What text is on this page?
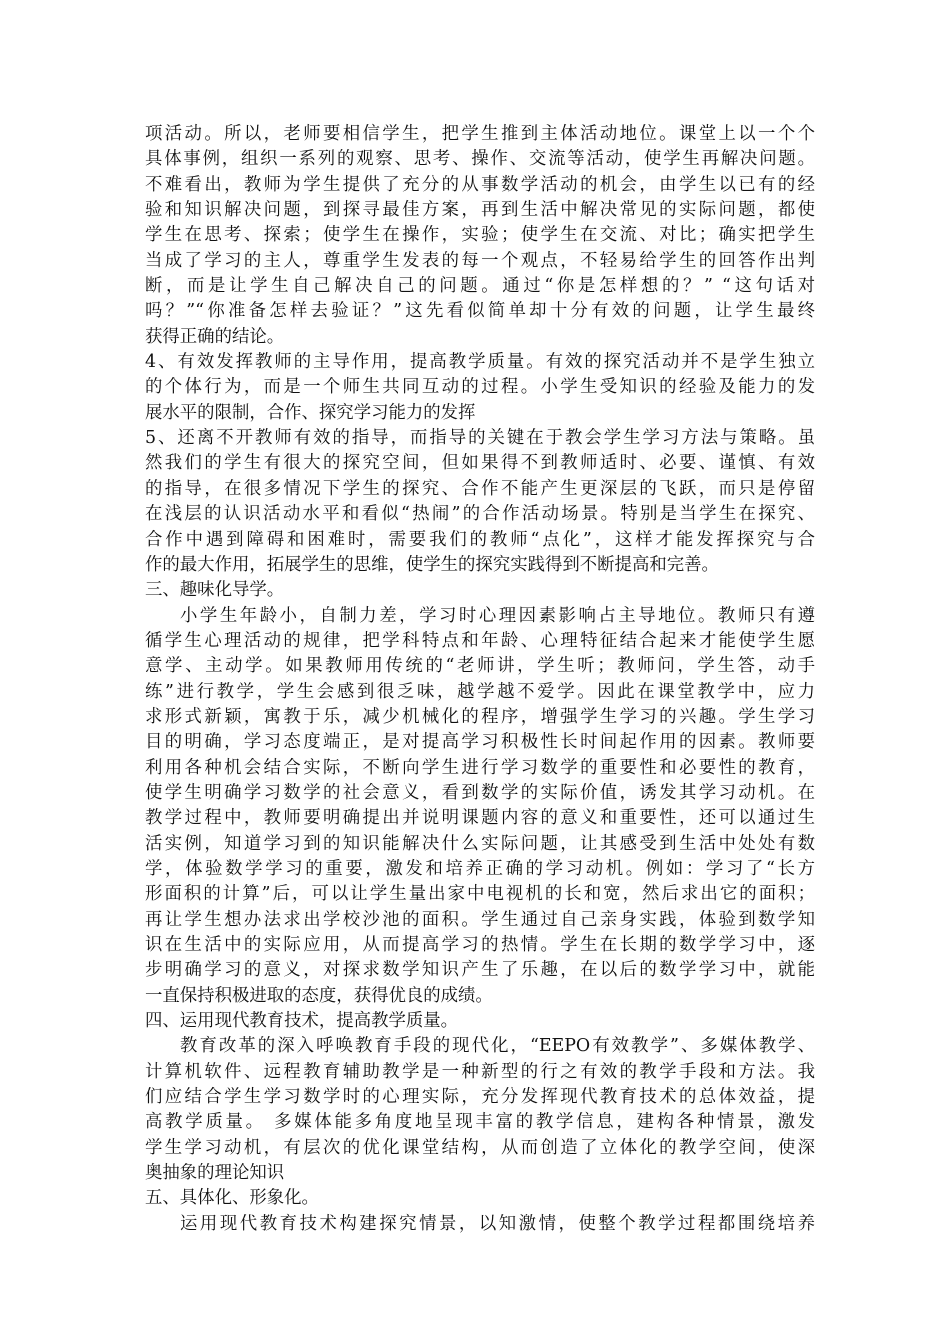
项活动。所以，老师要相信学生，把学生推到主体活动地位。课堂上以一个个
具体事例，组织一系列的观察、思考、操作、交流等活动，使学生再解决问题。
不难看出，教师为学生提供了充分的从事数学活动的机会，由学生以已有的经
验和知识解决问题，到探寻最佳方案，再到生活中解决常见的实际问题，都使
学生在思考、探索；使学生在操作，实验；使学生在交流、对比；确实把学生
当成了学习的主人，尊重学生发表的每一个观点，不轻易给学生的回答作出判
断，而是让学生自己解决自己的问题。通过“你是怎样想的？” “这句话对
吗？”“你准备怎样去验证？”这先看似简单却十分有效的问题，让学生最终
获得正确的结论。
4、有效发挥教师的主导作用，提高教学质量。有效的探究活动并不是学生独立
的个体行为，而是一个师生共同互动的过程。小学生受知识的经验及能力的发
展水平的限制，合作、探究学习能力的发挥
5、还离不开教师有效的指导，而指导的关键在于教会学生学习方法与策略。虽
然我们的学生有很大的探究空间，但如果得不到教师适时、必要、谨慎、有效
的指导，在很多情况下学生的探究、合作不能产生更深层的飞跃，而只是停留
在浅层的认识活动水平和看似“热闹”的合作活动场景。特别是当学生在探究、
合作中遇到障碍和困难时，需要我们的教师“点化”，这样才能发挥探究与合
作的最大作用，拓展学生的思维，使学生的探究实践得到不断提高和完善。
三、趣味化导学。
小学生年龄小，自制力差，学习时心理因素影响占主导地位。教师只有遵
循学生心理活动的规律，把学科特点和年龄、心理特征结合起来才能使学生愿
意学、主动学。如果教师用传统的“老师讲，学生听；教师问，学生答，动手
练”进行教学，学生会感到很乏味，越学越不爱学。因此在课堂教学中，应力
求形式新颖，寓教于乐，减少机械化的程序，增强学生学习的兴趣。学生学习
目的明确，学习态度端正，是对提高学习积极性长时间起作用的因素。教师要
利用各种机会结合实际，不断向学生进行学习数学的重要性和必要性的教育，
使学生明确学习数学的社会意义，看到数学的实际价值，诱发其学习动机。在
教学过程中，教师要明确提出并说明课题内容的意义和重要性，还可以通过生
活实例，知道学习到的知识能解决什么实际问题，让其感受到生活中处处有数
学，体验数学学习的重要，激发和培养正确的学习动机。例如：学习了“长方
形面积的计算”后，可以让学生量出家中电视机的长和宽，然后求出它的面积；
再让学生想办法求出学校沙池的面积。学生通过自己亲身实践，体验到数学知
识在生活中的实际应用，从而提高学习的热情。学生在长期的数学学习中，逐
步明确学习的意义，对探求数学知识产生了乐趣，在以后的数学学习中，就能
一直保持积极进取的态度，获得优良的成绩。
四、运用现代教育技术，提高教学质量。
教育改革的深入呼唤教育手段的现代化，“EEPO有效教学”、多媒体教学、
计算机软件、远程教育辅助教学是一种新型的行之有效的教学手段和方法。我
们应结合学生学习数学时的心理实际，充分发挥现代教育技术的总体效益，提
高教学质量。 多媒体能多角度地呈现丰富的教学信息，建构各种情景，激发
学生学习动机，有层次的优化课堂结构，从而创造了立体化的教学空间，使深
奥抽象的理论知识
五、具体化、形象化。
运用现代教育技术构建探究情景，以知激情，使整个教学过程都围绕培养
